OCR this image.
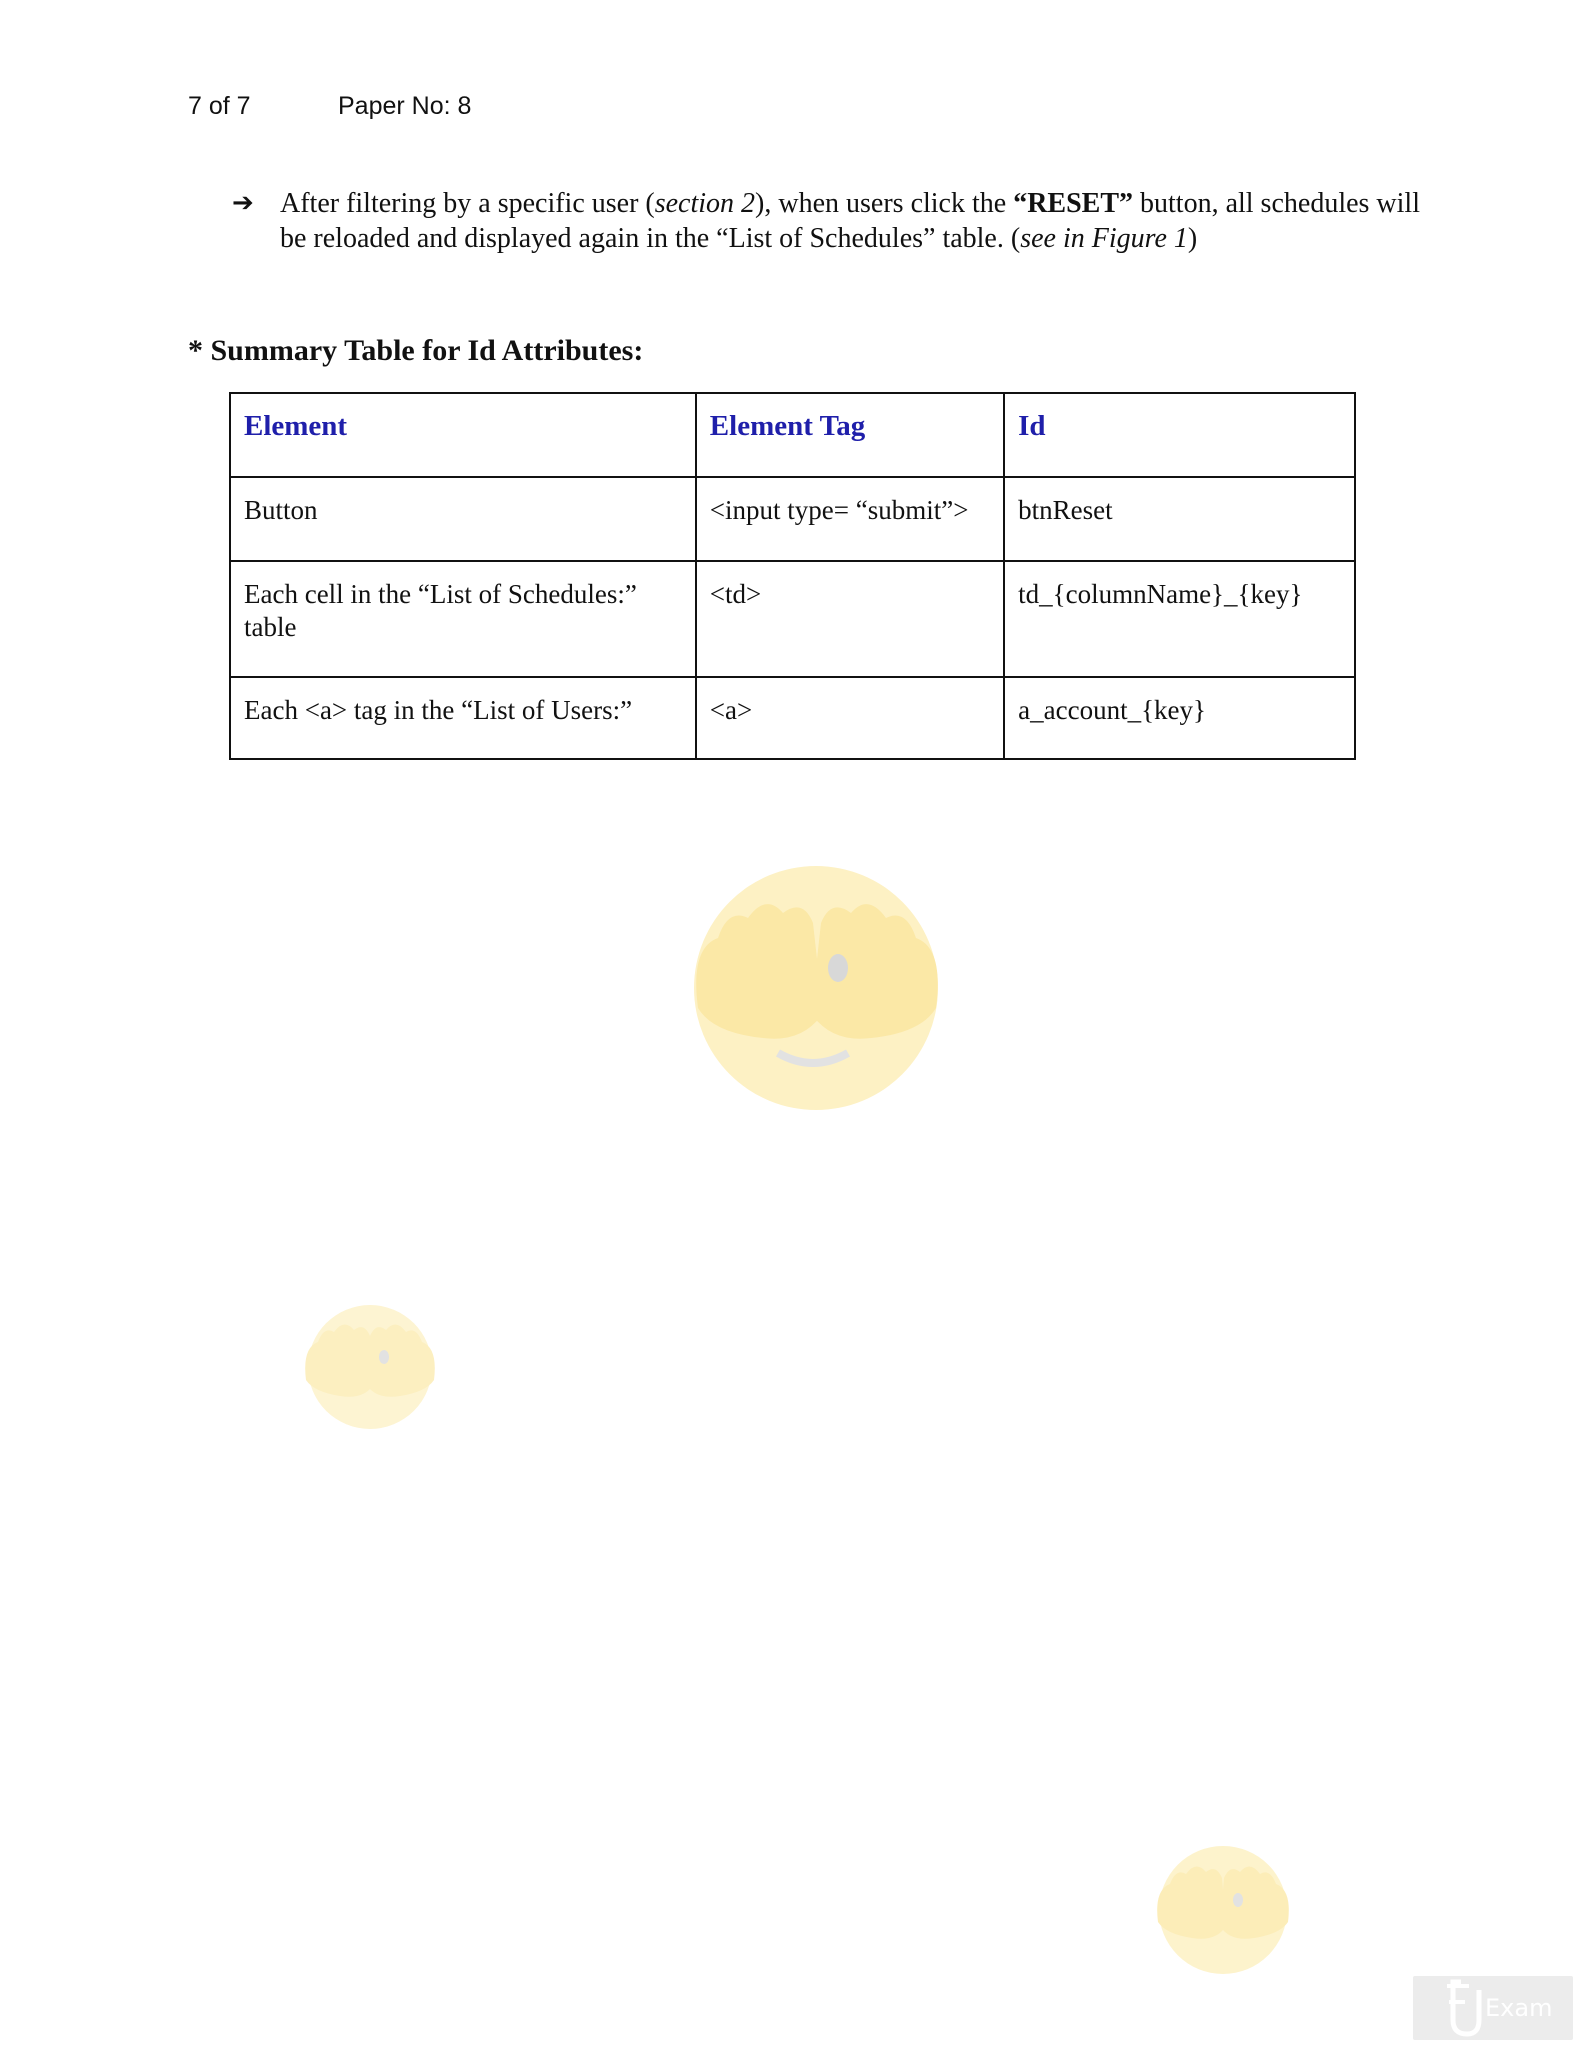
7 of 7	Paper No: 8
➔ After filtering by a specific user (section 2), when users click the “RESET” button, all schedules will be reloaded and displayed again in the “List of Schedules” table. (see in Figure 1)
* Summary Table for Id Attributes:
Element	Element Tag	Id
Button	<input type= “submit”>	btnReset
Each cell in the “List of Schedules:” table	<td>	td_{columnName}_{key}
Each <a> tag in the “List of Users:”	<a>	a_account_{key}
Exam
